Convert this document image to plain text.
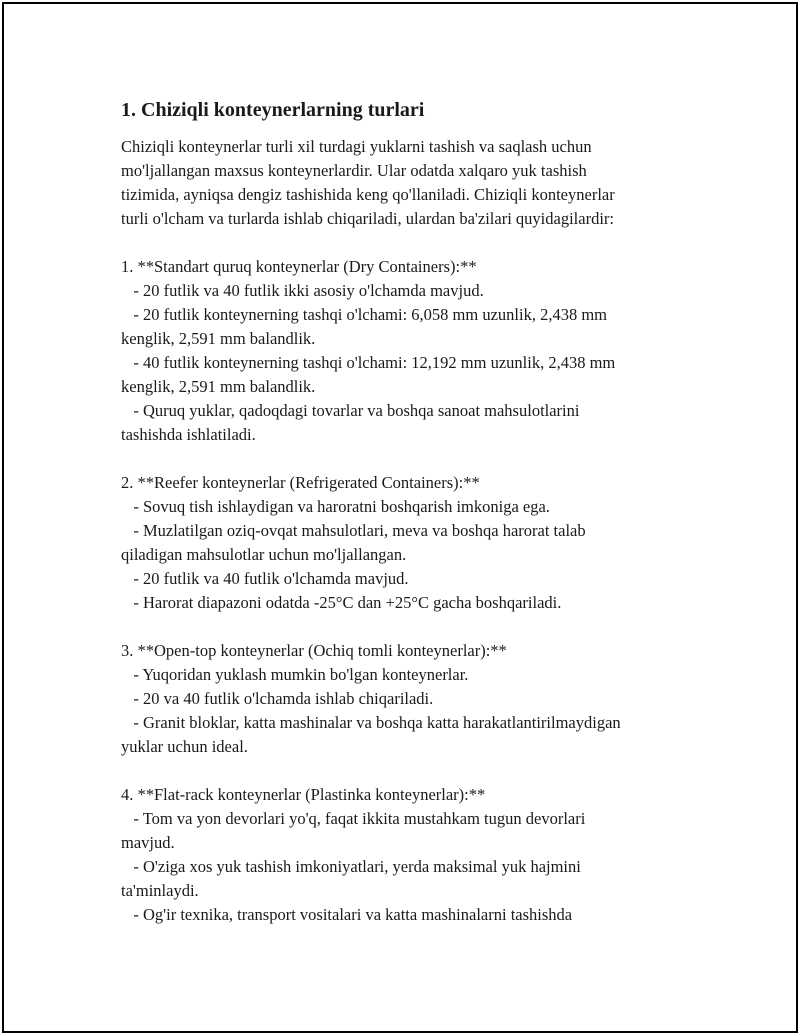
1. Chiziqli konteynerlarning turlari

Chiziqli konteynerlar turli xil turdagi yuklarni tashish va saqlash uchun

mo'ljallangan maxsus konteynerlardir. Ular odatda xalqaro yuk tashish

tizimida, ayniqsa dengiz tashishida keng qo'llaniladi. Chiziqli konteynerlar

turli o'lcham va turlarda ishlab chiqariladi, ulardan ba'zilari quyidagilardir:

1. **Standart quruq konteynerlar (Dry Containers):**

- 20 futlik va 40 futlik ikki asosiy o'lchamda mavjud.

- 20 futlik konteynerning tashqi o'lchami: 6,058 mm uzunlik, 2,438 mm

kenglik, 2,591 mm balandlik.

- 40 futlik konteynerning tashqi o'lchami: 12,192 mm uzunlik, 2,438 mm

kenglik, 2,591 mm balandlik.

- Quruq yuklar, qadoqdagi tovarlar va boshqa sanoat mahsulotlarini

tashishda ishlatiladi.

2. **Reefer konteynerlar (Refrigerated Containers):**

- Sovuq tish ishlaydigan va haroratni boshqarish imkoniga ega.

- Muzlatilgan oziq-ovqat mahsulotlari, meva va boshqa harorat talab

qiladigan mahsulotlar uchun mo'ljallangan.

- 20 futlik va 40 futlik o'lchamda mavjud.

- Harorat diapazoni odatda -25°C dan +25°C gacha boshqariladi.

3. **Open-top konteynerlar (Ochiq tomli konteynerlar):**

- Yuqoridan yuklash mumkin bo'lgan konteynerlar.

- 20 va 40 futlik o'lchamda ishlab chiqariladi.

- Granit bloklar, katta mashinalar va boshqa katta harakatlantirilmaydigan

yuklar uchun ideal.

4. **Flat-rack konteynerlar (Plastinka konteynerlar):**

- Tom va yon devorlari yo'q, faqat ikkita mustahkam tugun devorlari

mavjud.

- O'ziga xos yuk tashish imkoniyatlari, yerda maksimal yuk hajmini

ta'minlaydi.

- Og'ir texnika, transport vositalari va katta mashinalarni tashishda
